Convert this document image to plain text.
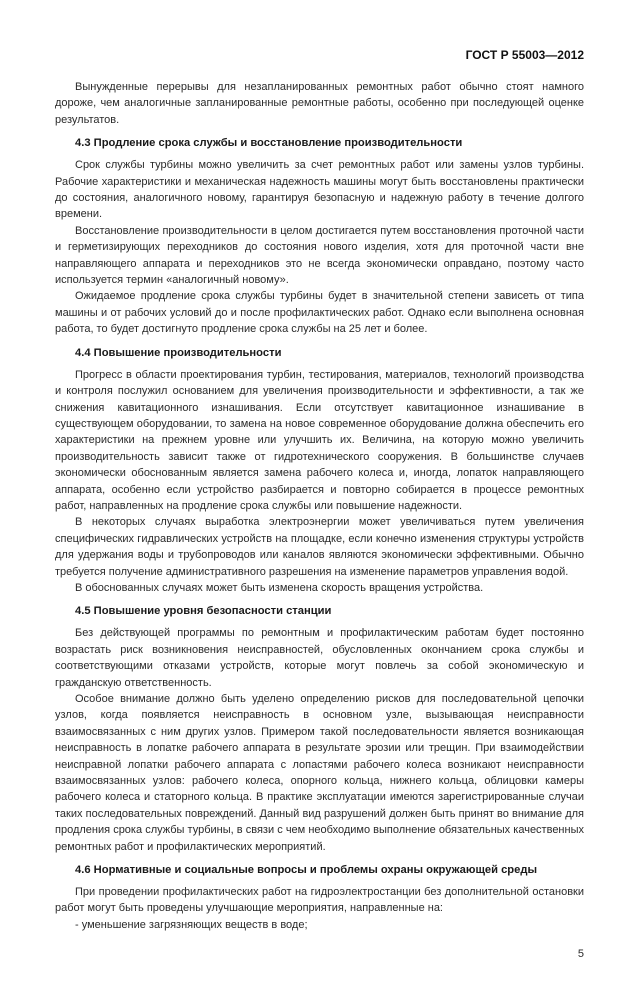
ГОСТ Р 55003—2012

Вынужденные перерывы для незапланированных ремонтных работ обычно стоят намного дороже, чем аналогичные запланированные ремонтные работы, особенно при последующей оценке результатов.

4.3 Продление срока службы и восстановление производительности

Срок службы турбины можно увеличить за счет ремонтных работ или замены узлов турбины. Рабочие характеристики и механическая надежность машины могут быть восстановлены практически до состояния, аналогичного новому, гарантируя безопасную и надежную работу в течение долгого времени.

Восстановление производительности в целом достигается путем восстановления проточной части и герметизирующих переходников до состояния нового изделия, хотя для проточной части вне направляющего аппарата и переходников это не всегда экономически оправдано, поэтому часто используется термин «аналогичный новому».

Ожидаемое продление срока службы турбины будет в значительной степени зависеть от типа машины и от рабочих условий до и после профилактических работ. Однако если выполнена основная работа, то будет достигнуто продление срока службы на 25 лет и более.

4.4 Повышение производительности

Прогресс в области проектирования турбин, тестирования, материалов, технологий производства и контроля послужил основанием для увеличения производительности и эффективности, а так же снижения кавитационного изнашивания. Если отсутствует кавитационное изнашивание в существующем оборудовании, то замена на новое современное оборудование должна обеспечить его характеристики на прежнем уровне или улучшить их. Величина, на которую можно увеличить производительность зависит также от гидротехнического сооружения. В большинстве случаев экономически обоснованным является замена рабочего колеса и, иногда, лопаток направляющего аппарата, особенно если устройство разбирается и повторно собирается в процессе ремонтных работ, направленных на продление срока службы или повышение надежности.

В некоторых случаях выработка электроэнергии может увеличиваться путем увеличения специфических гидравлических устройств на площадке, если конечно изменения структуры устройств для удержания воды и трубопроводов или каналов являются экономически эффективными. Обычно требуется получение административного разрешения на изменение параметров управления водой.

В обоснованных случаях может быть изменена скорость вращения устройства.

4.5 Повышение уровня безопасности станции

Без действующей программы по ремонтным и профилактическим работам будет постоянно возрастать риск возникновения неисправностей, обусловленных окончанием срока службы и соответствующими отказами устройств, которые могут повлечь за собой экономическую и гражданскую ответственность.

Особое внимание должно быть уделено определению рисков для последовательной цепочки узлов, когда появляется неисправность в основном узле, вызывающая неисправности взаимосвязанных с ним других узлов. Примером такой последовательности является возникающая неисправность в лопатке рабочего аппарата в результате эрозии или трещин. При взаимодействии неисправной лопатки рабочего аппарата с лопастями рабочего колеса возникают неисправности взаимосвязанных узлов: рабочего колеса, опорного кольца, нижнего кольца, облицовки камеры рабочего колеса и статорного кольца. В практике эксплуатации имеются зарегистрированные случаи таких последовательных повреждений. Данный вид разрушений должен быть принят во внимание для продления срока службы турбины, в связи с чем необходимо выполнение обязательных качественных ремонтных работ и профилактических мероприятий.

4.6 Нормативные и социальные вопросы и проблемы охраны окружающей среды

При проведении профилактических работ на гидроэлектростанции без дополнительной остановки работ могут быть проведены улучшающие мероприятия, направленные на:

- уменьшение загрязняющих веществ в воде;

5
